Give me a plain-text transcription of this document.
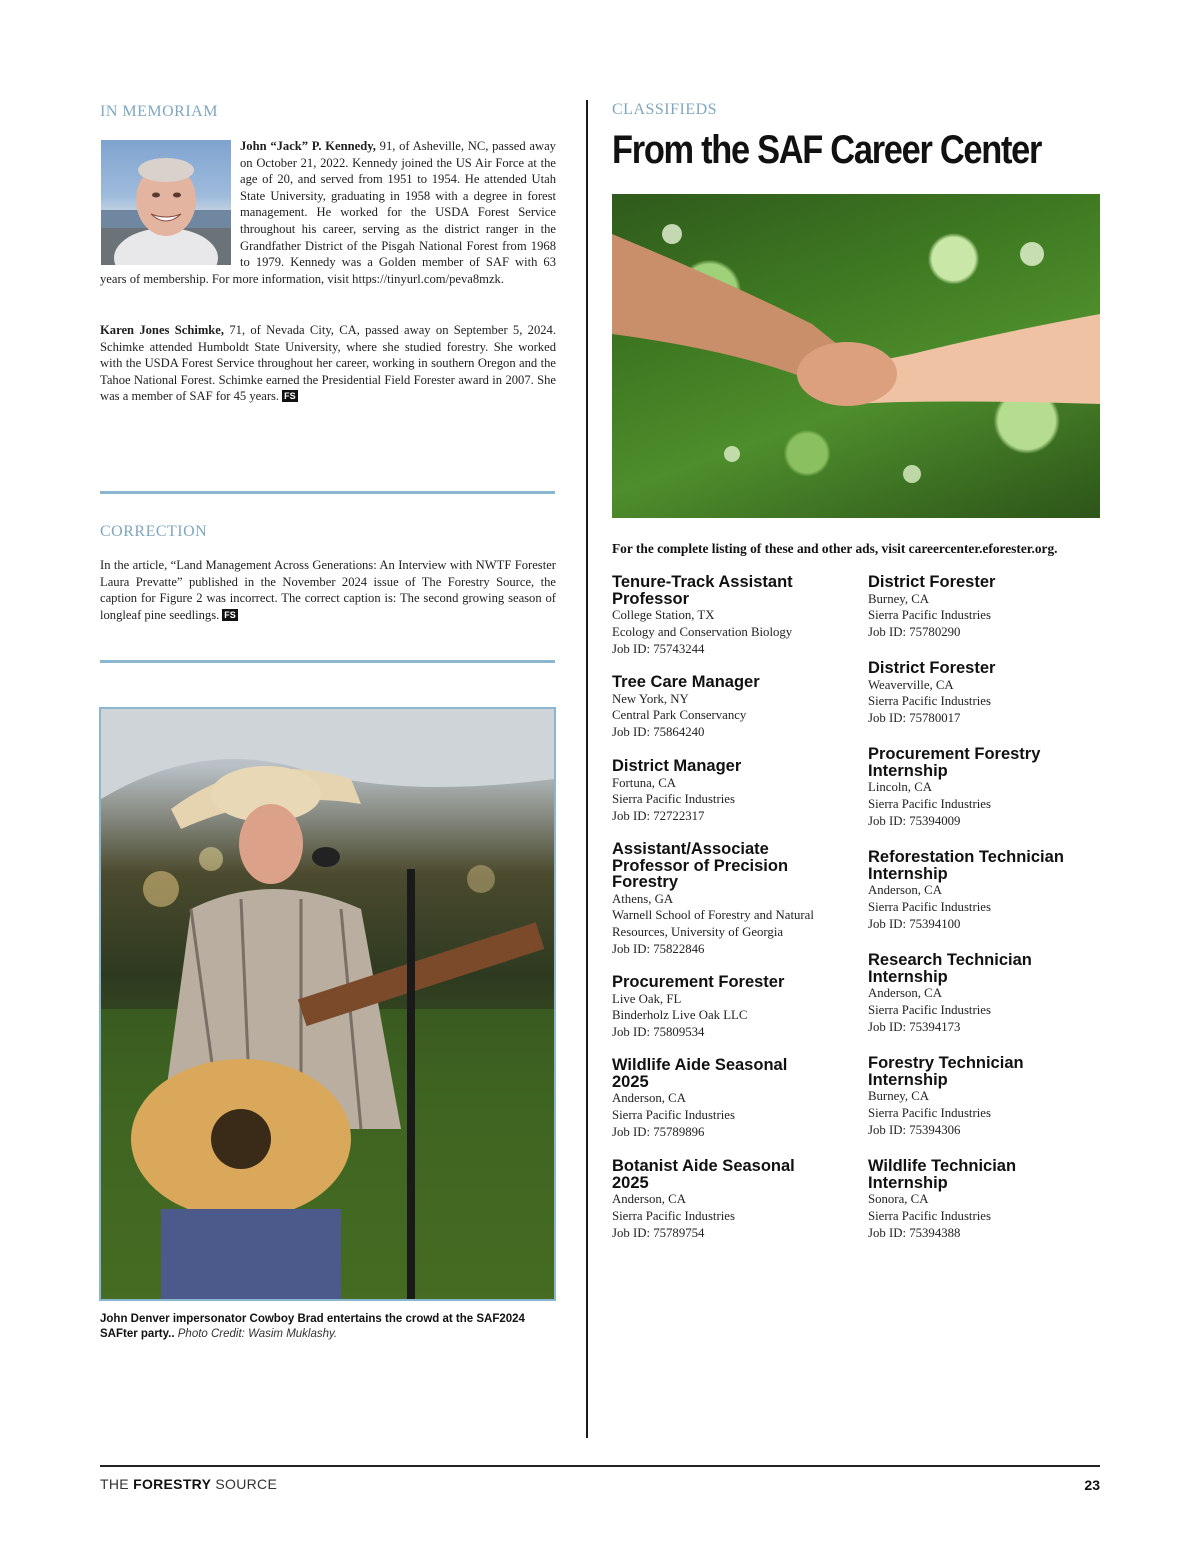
IN MEMORIAM
John “Jack” P. Kennedy, 91, of Asheville, NC, passed away on October 21, 2022. Kennedy joined the US Air Force at the age of 20, and served from 1951 to 1954. He attended Utah State University, graduating in 1958 with a degree in forest management. He worked for the USDA Forest Service throughout his career, serving as the district ranger in the Grandfather District of the Pisgah National Forest from 1968 to 1979. Kennedy was a Golden member of SAF with 63 years of membership. For more information, visit https://tinyurl.com/peva8mzk.
Karen Jones Schimke, 71, of Nevada City, CA, passed away on September 5, 2024. Schimke attended Humboldt State University, where she studied forestry. She worked with the USDA Forest Service throughout her career, working in southern Oregon and the Tahoe National Forest. Schimke earned the Presidential Field Forester award in 2007. She was a member of SAF for 45 years. FS
CORRECTION
In the article, “Land Management Across Generations: An Interview with NWTF Forester Laura Prevatte” published in the November 2024 issue of The Forestry Source, the caption for Figure 2 was incorrect. The correct caption is: The second growing season of longleaf pine seedlings. FS
John Denver impersonator Cowboy Brad entertains the crowd at the SAF2024 SAFter party.. Photo Credit: Wasim Muklashy.
CLASSIFIEDS
From the SAF Career Center
For the complete listing of these and other ads, visit careercenter.eforester.org.
Tenure-Track Assistant Professor
College Station, TX
Ecology and Conservation Biology
Job ID: 75743244
Tree Care Manager
New York, NY
Central Park Conservancy
Job ID: 75864240
District Manager
Fortuna, CA
Sierra Pacific Industries
Job ID: 72722317
Assistant/Associate Professor of Precision Forestry
Athens, GA
Warnell School of Forestry and Natural Resources, University of Georgia
Job ID: 75822846
Procurement Forester
Live Oak, FL
Binderholz Live Oak LLC
Job ID: 75809534
Wildlife Aide Seasonal 2025
Anderson, CA
Sierra Pacific Industries
Job ID: 75789896
Botanist Aide Seasonal 2025
Anderson, CA
Sierra Pacific Industries
Job ID: 75789754
District Forester
Burney, CA
Sierra Pacific Industries
Job ID: 75780290
District Forester
Weaverville, CA
Sierra Pacific Industries
Job ID: 75780017
Procurement Forestry Internship
Lincoln, CA
Sierra Pacific Industries
Job ID: 75394009
Reforestation Technician Internship
Anderson, CA
Sierra Pacific Industries
Job ID: 75394100
Research Technician Internship
Anderson, CA
Sierra Pacific Industries
Job ID: 75394173
Forestry Technician Internship
Burney, CA
Sierra Pacific Industries
Job ID: 75394306
Wildlife Technician Internship
Sonora, CA
Sierra Pacific Industries
Job ID: 75394388
THE FORESTRY SOURCE	23
